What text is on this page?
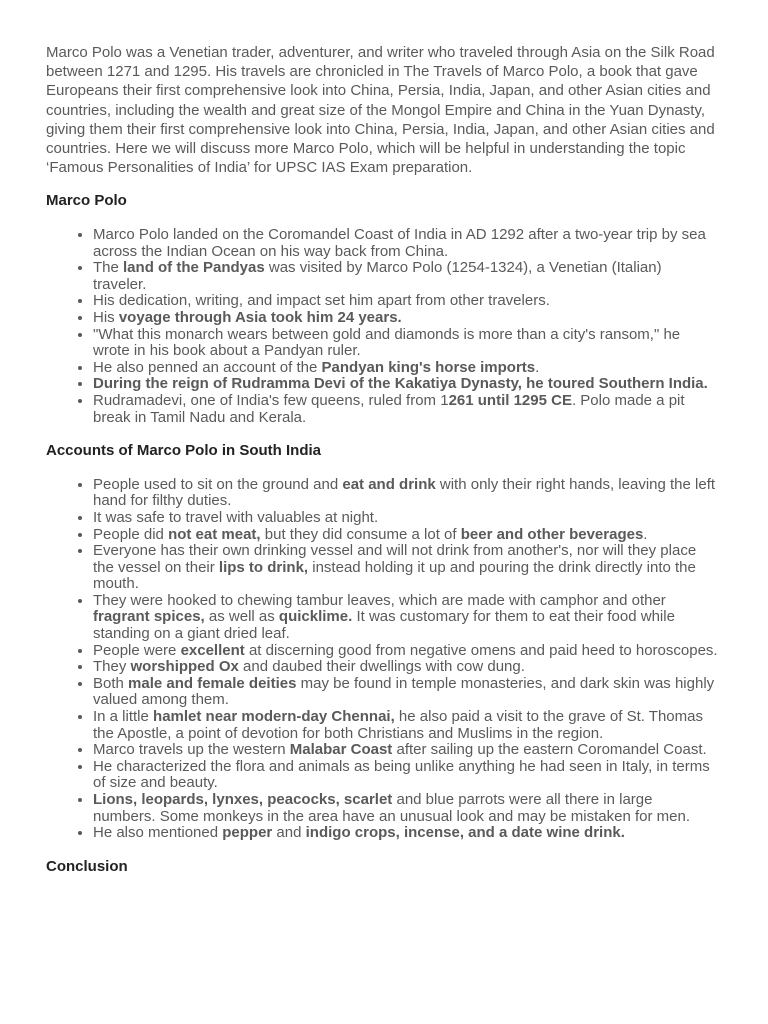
Marco Polo was a Venetian trader, adventurer, and writer who traveled through Asia on the Silk Road between 1271 and 1295. His travels are chronicled in The Travels of Marco Polo, a book that gave Europeans their first comprehensive look into China, Persia, India, Japan, and other Asian cities and countries, including the wealth and great size of the Mongol Empire and China in the Yuan Dynasty, giving them their first comprehensive look into China, Persia, India, Japan, and other Asian cities and countries. Here we will discuss more Marco Polo, which will be helpful in understanding the topic ‘Famous Personalities of India’ for UPSC IAS Exam preparation.

Marco Polo
• Marco Polo landed on the Coromandel Coast of India in AD 1292 after a two-year trip by sea across the Indian Ocean on his way back from China.
• The land of the Pandyas was visited by Marco Polo (1254-1324), a Venetian (Italian) traveler.
• His dedication, writing, and impact set him apart from other travelers.
• His voyage through Asia took him 24 years.
• "What this monarch wears between gold and diamonds is more than a city's ransom," he wrote in his book about a Pandyan ruler.
• He also penned an account of the Pandyan king's horse imports.
• During the reign of Rudramma Devi of the Kakatiya Dynasty, he toured Southern India.
• Rudramadevi, one of India's few queens, ruled from 1261 until 1295 CE. Polo made a pit break in Tamil Nadu and Kerala.
Accounts of Marco Polo in South India
• People used to sit on the ground and eat and drink with only their right hands, leaving the left hand for filthy duties.
• It was safe to travel with valuables at night.
• People did not eat meat, but they did consume a lot of beer and other beverages.
• Everyone has their own drinking vessel and will not drink from another's, nor will they place the vessel on their lips to drink, instead holding it up and pouring the drink directly into the mouth.
• They were hooked to chewing tambur leaves, which are made with camphor and other fragrant spices, as well as quicklime. It was customary for them to eat their food while standing on a giant dried leaf.
• People were excellent at discerning good from negative omens and paid heed to horoscopes.
• They worshipped Ox and daubed their dwellings with cow dung.
• Both male and female deities may be found in temple monasteries, and dark skin was highly valued among them.
• In a little hamlet near modern-day Chennai, he also paid a visit to the grave of St. Thomas the Apostle, a point of devotion for both Christians and Muslims in the region.
• Marco travels up the western Malabar Coast after sailing up the eastern Coromandel Coast.
• He characterized the flora and animals as being unlike anything he had seen in Italy, in terms of size and beauty.
• Lions, leopards, lynxes, peacocks, scarlet and blue parrots were all there in large numbers. Some monkeys in the area have an unusual look and may be mistaken for men.
• He also mentioned pepper and indigo crops, incense, and a date wine drink.
Conclusion
